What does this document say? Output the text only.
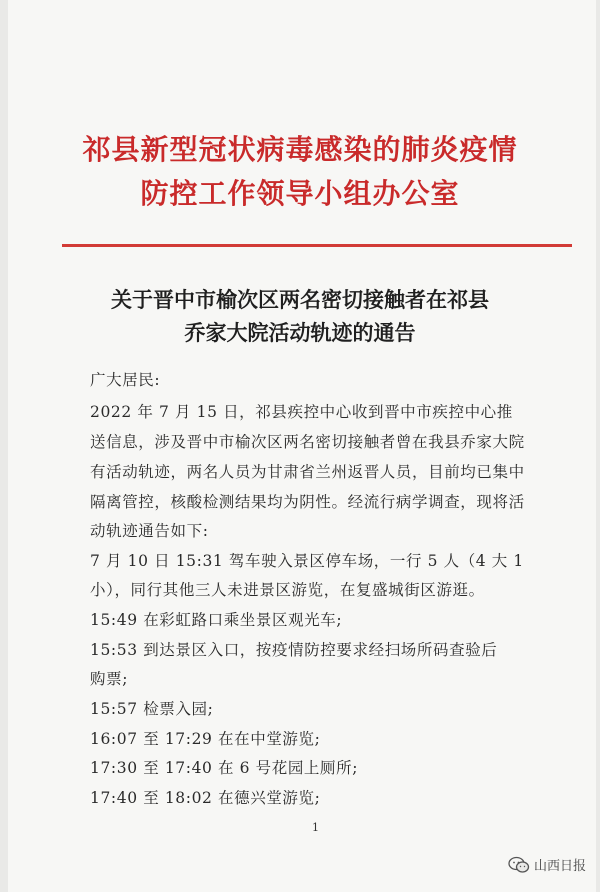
祁县新型冠状病毒感染的肺炎疫情
防控工作领导小组办公室
关于晋中市榆次区两名密切接触者在祁县
乔家大院活动轨迹的通告
广大居民:
2022 年 7 月 15 日，祁县疾控中心收到晋中市疾控中心推
送信息，涉及晋中市榆次区两名密切接触者曾在我县乔家大院
有活动轨迹，两名人员为甘肃省兰州返晋人员，目前均已集中
隔离管控，核酸检测结果均为阴性。经流行病学调查，现将活
动轨迹通告如下:
7 月 10 日 15:31 驾车驶入景区停车场，一行 5 人（4 大 1
小），同行其他三人未进景区游览，在复盛城街区游逛。
15:49 在彩虹路口乘坐景区观光车;
15:53 到达景区入口，按疫情防控要求经扫场所码查验后
购票;
15:57 检票入园;
16:07 至 17:29 在在中堂游览;
17:30 至 17:40 在 6 号花园上厕所;
17:40 至 18:02 在德兴堂游览;
1
山西日报
